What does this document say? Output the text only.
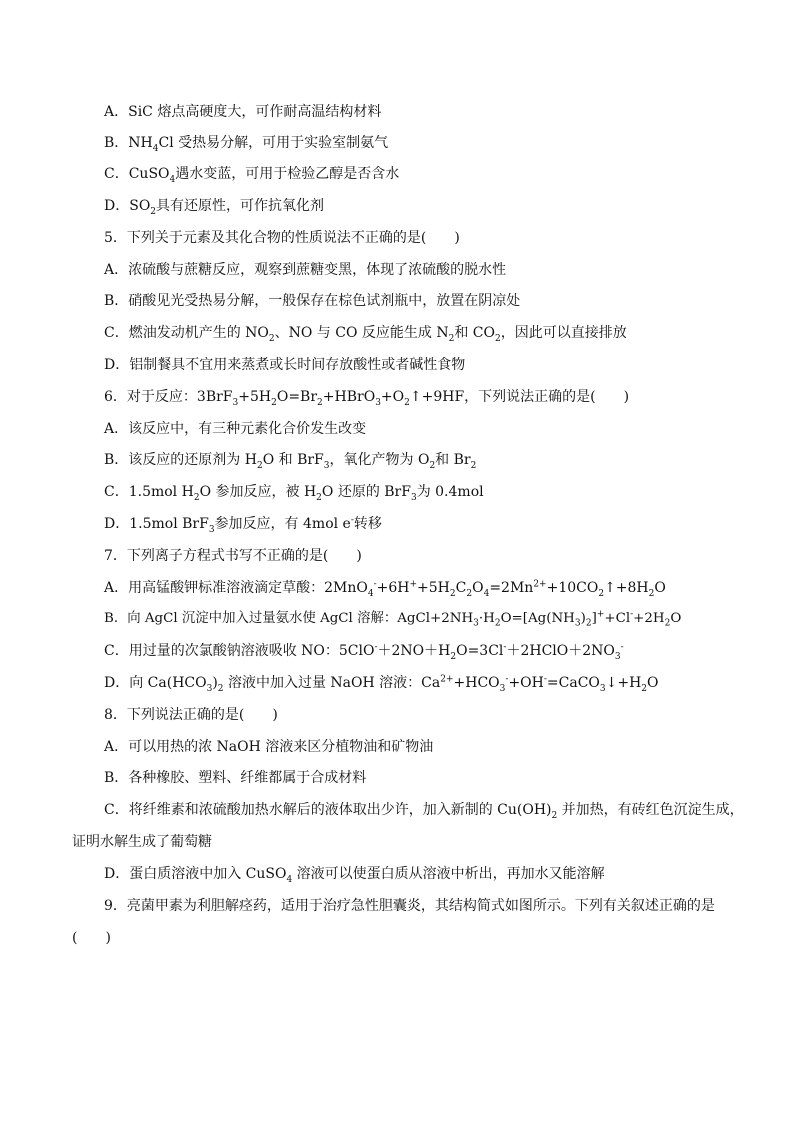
A．SiC 熔点高硬度大，可作耐高温结构材料
B．$NH_4Cl$ 受热易分解，可用于实验室制氨气
C．CuSO$_4$遇水变蓝，可用于检验乙醇是否含水
D．$SO_2$具有还原性，可作抗氧化剂
5．下列关于元素及其化合物的性质说法不正确的是(　　)
A．浓硫酸与蔗糖反应，观察到蔗糖变黑，体现了浓硫酸的脱水性
B．硝酸见光受热易分解，一般保存在棕色试剂瓶中，放置在阴凉处
C．燃油发动机产生的 $NO_2$、NO 与 CO 反应能生成 $N_2$和 $CO_2$，因此可以直接排放
D．铝制餐具不宜用来蒸煮或长时间存放酸性或者碱性食物
6．对于反应：$3BrF_3+5H_2O=Br_2+HBrO_3+O_2↑+9HF$，下列说法正确的是(　　)
A．该反应中，有三种元素化合价发生改变
B．该反应的还原剂为 $H_2O$ 和 BrF$_3$，氧化产物为 $O_2$和 $Br_2$
C．1.5mol $H_2O$ 参加反应，被 $H_2O$ 还原的 BrF$_3$为 0.4mol
D．1.5mol BrF$_3$参加反应，有 4mol e-转移
7．下列离子方程式书写不正确的是(　　)
A．用高锰酸钾标准溶液滴定草酸：$2MnO_4^-+6H^++5H_2C_2O_4=2Mn^{2+}+10CO_2↑+8H_2O$
B．向 AgCl 沉淀中加入过量氨水使 AgCl 溶解：$AgCl+2NH_3\cdot H_2O=[Ag(NH_3)_2]^++Cl^-+2H_2O$
C．用过量的次氯酸钠溶液吸收 NO：$5ClO^-+2NO+H_2O=3Cl^-+2HClO+2NO_3^-$
D．向 $Ca(HCO_3)_2$ 溶液中加入过量 NaOH 溶液：$Ca^{2+}+HCO_3^-+OH^-=CaCO_3↓+H_2O$
8．下列说法正确的是(　　)
A．可以用热的浓 NaOH 溶液来区分植物油和矿物油
B．各种橡胶、塑料、纤维都属于合成材料
C．将纤维素和浓硫酸加热水解后的液体取出少许，加入新制的 $Cu(OH)_2$ 并加热，有砖红色沉淀生成，
证明水解生成了葡萄糖
D．蛋白质溶液中加入 CuSO$_4$ 溶液可以使蛋白质从溶液中析出，再加水又能溶解
9．亮菌甲素为利胆解痉药，适用于治疗急性胆囊炎，其结构简式如图所示。下列有关叙述正确的是
(　　)
